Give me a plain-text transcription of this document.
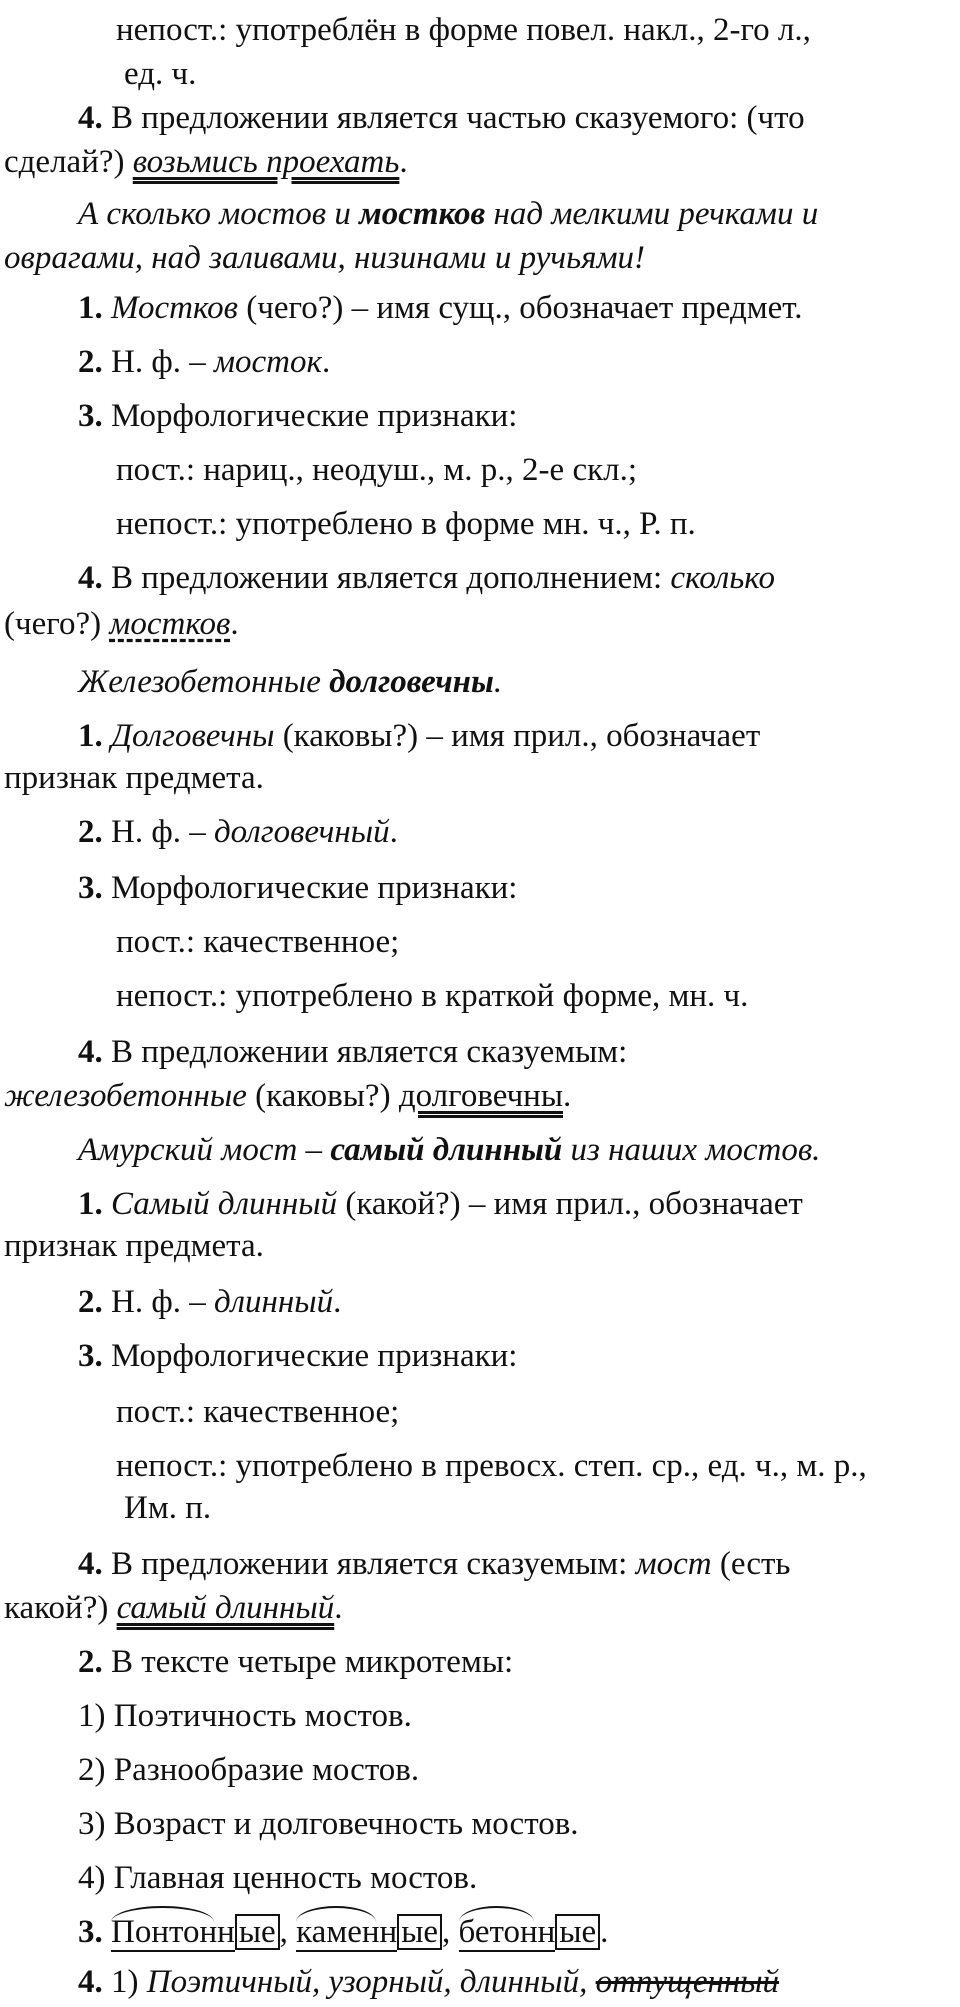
непост.: употреблён в форме повел. накл., 2-го л.,
ед. ч.
4. В предложении является частью сказуемого: (что
сделай?) возьмись проехать.
А сколько мостов и мостков над мелкими речками и
оврагами, над заливами, низинами и ручьями!
1. Мостков (чего?) – имя сущ., обозначает предмет.
2. Н. ф. – мосток.
3. Морфологические признаки:
пост.: нариц., неодуш., м. р., 2-е скл.;
непост.: употреблено в форме мн. ч., Р. п.
4. В предложении является дополнением: сколько
(чего?) мостков.
Железобетонные долговечны.
1. Долговечны (каковы?) – имя прил., обозначает
признак предмета.
2. Н. ф. – долговечный.
3. Морфологические признаки:
пост.: качественное;
непост.: употреблено в краткой форме, мн. ч.
4. В предложении является сказуемым:
железобетонные (каковы?) долговечны.
Амурский мост – самый длинный из наших мостов.
1. Самый длинный (какой?) – имя прил., обозначает
признак предмета.
2. Н. ф. – длинный.
3. Морфологические признаки:
пост.: качественное;
непост.: употреблено в превосх. степ. ср., ед. ч., м. р.,
Им. п.
4. В предложении является сказуемым: мост (есть
какой?) самый длинный.
2. В тексте четыре микротемы:
1) Поэтичность мостов.
2) Разнообразие мостов.
3) Возраст и долговечность мостов.
4) Главная ценность мостов.
3. Понтонн ые , каменн ые , бетонн ые .
4. 1) Поэтичный, узорный, длинный, отпущенный
